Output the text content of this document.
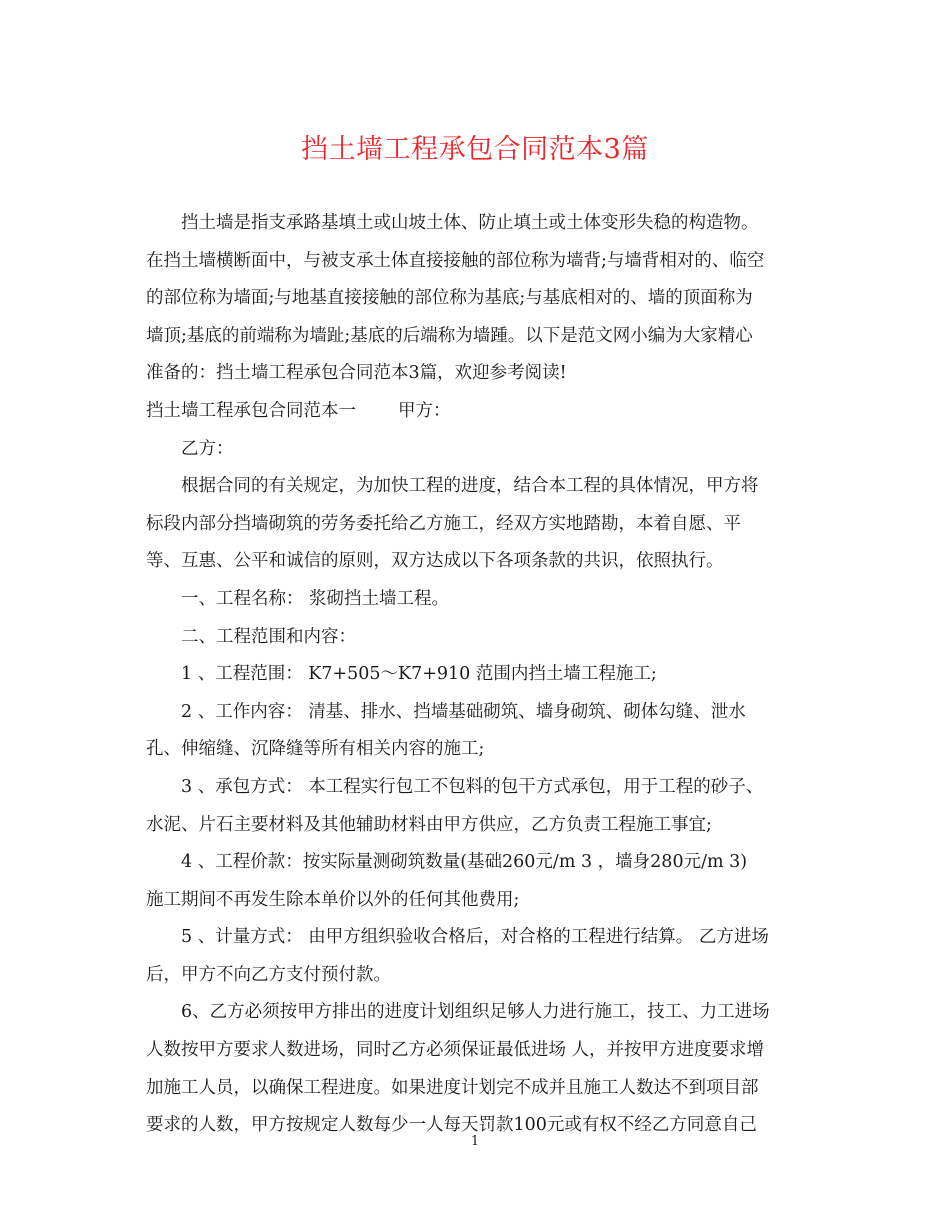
挡土墙工程承包合同范本3篇

挡土墙是指支承路基填土或山坡土体、防止填土或土体变形失稳的构造物。

在挡土墙横断面中，与被支承土体直接接触的部位称为墙背;与墙背相对的、临空

的部位称为墙面;与地基直接接触的部位称为基底;与基底相对的、墙的顶面称为

墙顶;基底的前端称为墙趾;基底的后端称为墙踵。以下是范文网小编为大家精心

准备的：挡土墙工程承包合同范本3篇，欢迎参考阅读!

挡土墙工程承包合同范本一 甲方：

乙方：

根据合同的有关规定，为加快工程的进度，结合本工程的具体情况，甲方将

标段内部分挡墙砌筑的劳务委托给乙方施工，经双方实地踏勘，本着自愿、平

等、互惠、公平和诚信的原则，双方达成以下各项条款的共识，依照执行。

一、工程名称： 浆砌挡土墙工程。

二、工程范围和内容：

1 、工程范围： K7+505～K7+910 范围内挡土墙工程施工;

2 、工作内容： 清基、排水、挡墙基础砌筑、墙身砌筑、砌体勾缝、泄水

孔、伸缩缝、沉降缝等所有相关内容的施工;

3 、承包方式： 本工程实行包工不包料的包干方式承包，用于工程的砂子、

水泥、片石主要材料及其他辅助材料由甲方供应，乙方负责工程施工事宜;

4 、工程价款：按实际量测砌筑数量(基础260元/m 3 ，墙身280元/m 3)

施工期间不再发生除本单价以外的任何其他费用;

5 、计量方式： 由甲方组织验收合格后，对合格的工程进行结算。 乙方进场

后，甲方不向乙方支付预付款。

6、乙方必须按甲方排出的进度计划组织足够人力进行施工，技工、力工进场

人数按甲方要求人数进场，同时乙方必须保证最低进场 人，并按甲方进度要求增

加施工人员，以确保工程进度。如果进度计划完不成并且施工人数达不到项目部

要求的人数，甲方按规定人数每少一人每天罚款100元或有权不经乙方同意自己

1
